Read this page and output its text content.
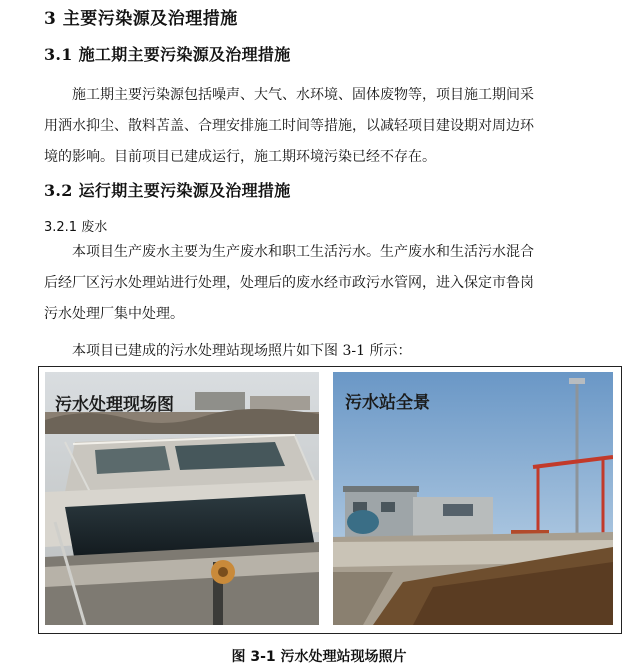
3 主要污染源及治理措施
3.1 施工期主要污染源及治理措施
施工期主要污染源包括噪声、大气、水环境、固体废物等，项目施工期间采
用洒水抑尘、散料苫盖、合理安排施工时间等措施，以减轻项目建设期对周边环
境的影响。目前项目已建成运行，施工期环境污染已经不存在。
3.2 运行期主要污染源及治理措施
3.2.1 废水
本项目生产废水主要为生产废水和职工生活污水。生产废水和生活污水混合
后经厂区污水处理站进行处理，处理后的废水经市政污水管网，进入保定市鲁岗
污水处理厂集中处理。
本项目已建成的污水处理站现场照片如下图 3-1 所示：
污水处理现场图	污水站全景
图 3-1 污水处理站现场照片
